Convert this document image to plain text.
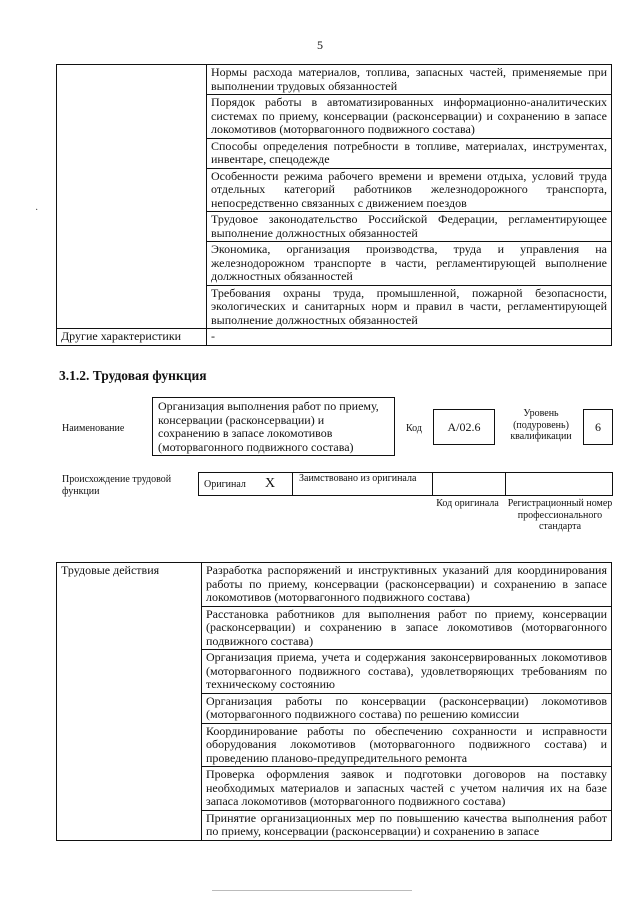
5
·
	Нормы расхода материалов, топлива, запасных частей, применяемые при выполнении трудовых обязанностей
	Порядок работы в автоматизированных информационно-аналитических системах по приему, консервации (расконсервации) и сохранению в запасе локомотивов (моторвагонного подвижного состава)
	Способы определения потребности в топливе, материалах, инструментах, инвентаре, спецодежде
	Особенности режима рабочего времени и времени отдыха, условий труда отдельных категорий работников железнодорожного транспорта, непосредственно связанных с движением поездов
	Трудовое законодательство Российской Федерации, регламентирующее выполнение должностных обязанностей
	Экономика, организация производства, труда и управления на железнодорожном транспорте в части, регламентирующей выполнение должностных обязанностей
	Требования охраны труда, промышленной, пожарной безопасности, экологических и санитарных норм и правил в части, регламентирующей выполнение должностных обязанностей
Другие характеристики	-
3.1.2. Трудовая функция
Наименование
Организация выполнения работ по приему, консервации (расконсервации) и сохранению в запасе локомотивов (моторвагонного подвижного состава)
Код	А/02.6
Уровень (подуровень) квалификации
6
Происхождение трудовой функции
Оригинал X Заимствовано из оригинала
Код оригинала Регистрационный номер профессионального стандарта
Трудовые действия	Разработка распоряжений и инструктивных указаний для координирования работы по приему, консервации (расконсервации) и сохранению в запасе локомотивов (моторвагонного подвижного состава)
Расстановка работников для выполнения работ по приему, консервации (расконсервации) и сохранению в запасе локомотивов (моторвагонного подвижного состава)
Организация приема, учета и содержания законсервированных локомотивов (моторвагонного подвижного состава), удовлетворяющих требованиям по техническому состоянию
Организация работы по консервации (расконсервации) локомотивов (моторвагонного подвижного состава) по решению комиссии
Координирование работы по обеспечению сохранности и исправности оборудования локомотивов (моторвагонного подвижного состава) и проведению планово-предупредительного ремонта
Проверка оформления заявок и подготовки договоров на поставку необходимых материалов и запасных частей с учетом наличия их на базе запаса локомотивов (моторвагонного подвижного состава)
Принятие организационных мер по повышению качества выполнения работ по приему, консервации (расконсервации) и сохранению в запасе
